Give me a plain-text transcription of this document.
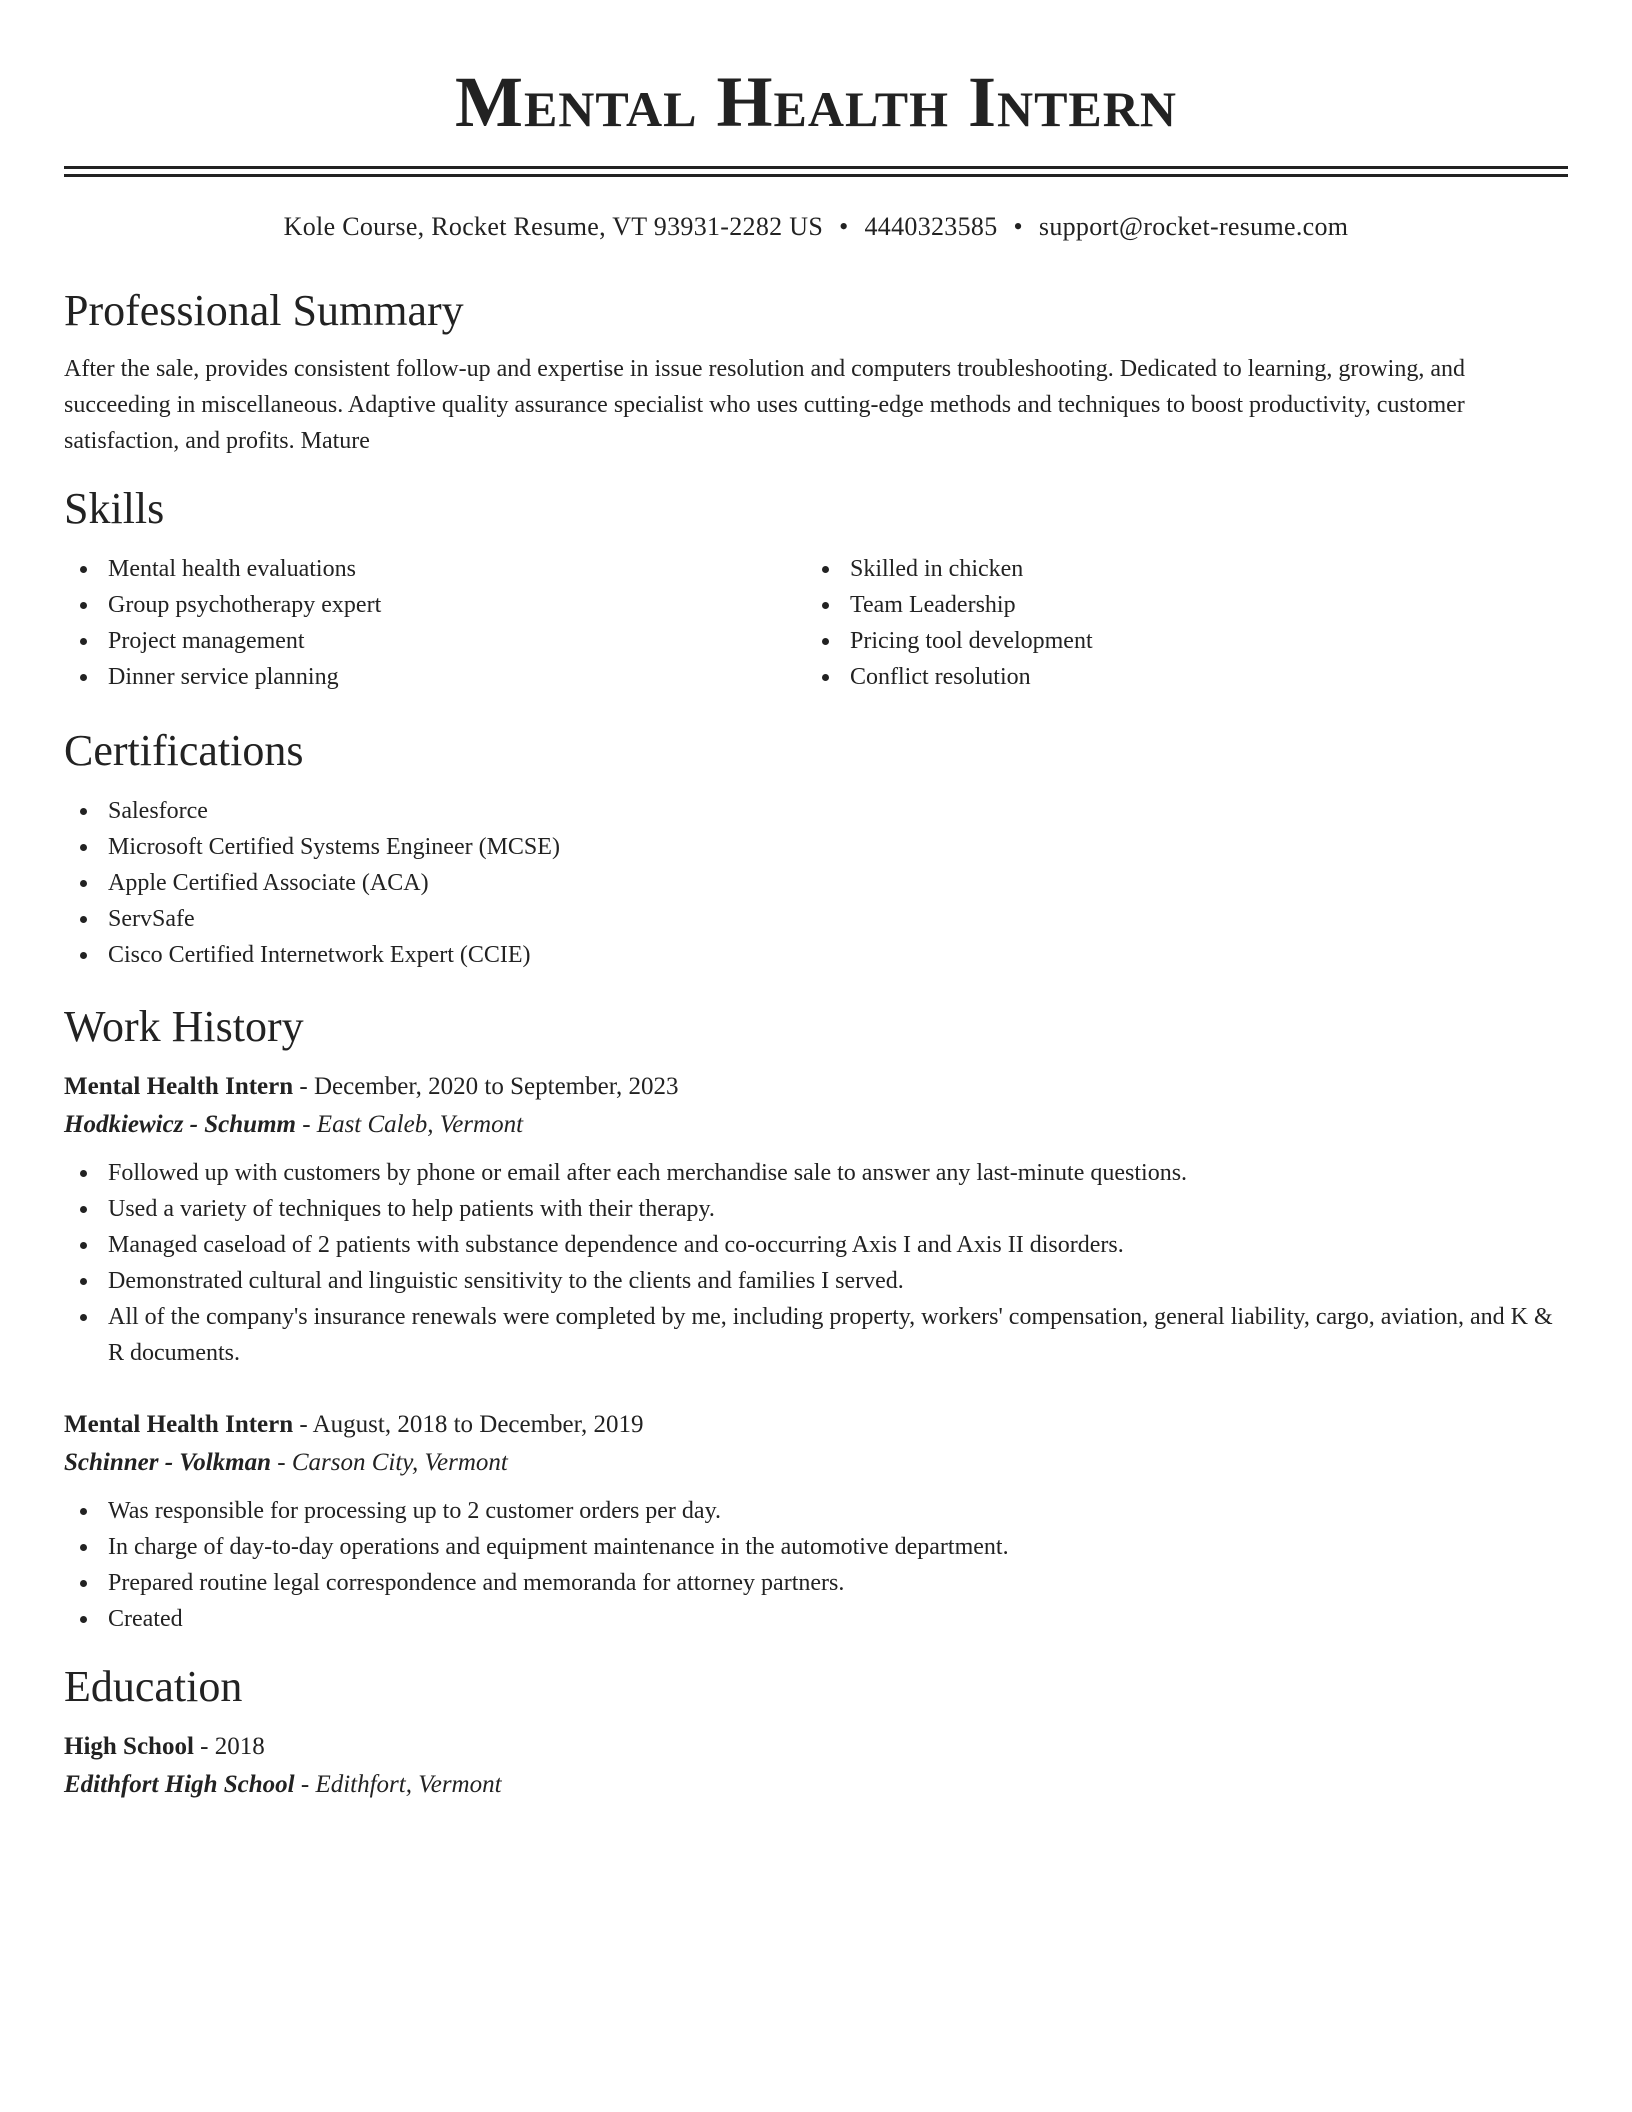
Mental Health Intern
Kole Course, Rocket Resume, VT 93931-2282 US • 4440323585 • support@rocket-resume.com
Professional Summary
After the sale, provides consistent follow-up and expertise in issue resolution and computers troubleshooting. Dedicated to learning, growing, and succeeding in miscellaneous. Adaptive quality assurance specialist who uses cutting-edge methods and techniques to boost productivity, customer satisfaction, and profits. Mature
Skills
Mental health evaluations
Group psychotherapy expert
Project management
Dinner service planning
Skilled in chicken
Team Leadership
Pricing tool development
Conflict resolution
Certifications
Salesforce
Microsoft Certified Systems Engineer (MCSE)
Apple Certified Associate (ACA)
ServSafe
Cisco Certified Internetwork Expert (CCIE)
Work History
Mental Health Intern - December, 2020 to September, 2023
Hodkiewicz - Schumm - East Caleb, Vermont
Followed up with customers by phone or email after each merchandise sale to answer any last-minute questions.
Used a variety of techniques to help patients with their therapy.
Managed caseload of 2 patients with substance dependence and co-occurring Axis I and Axis II disorders.
Demonstrated cultural and linguistic sensitivity to the clients and families I served.
All of the company's insurance renewals were completed by me, including property, workers' compensation, general liability, cargo, aviation, and K & R documents.
Mental Health Intern - August, 2018 to December, 2019
Schinner - Volkman - Carson City, Vermont
Was responsible for processing up to 2 customer orders per day.
In charge of day-to-day operations and equipment maintenance in the automotive department.
Prepared routine legal correspondence and memoranda for attorney partners.
Created
Education
High School - 2018
Edithfort High School - Edithfort, Vermont
